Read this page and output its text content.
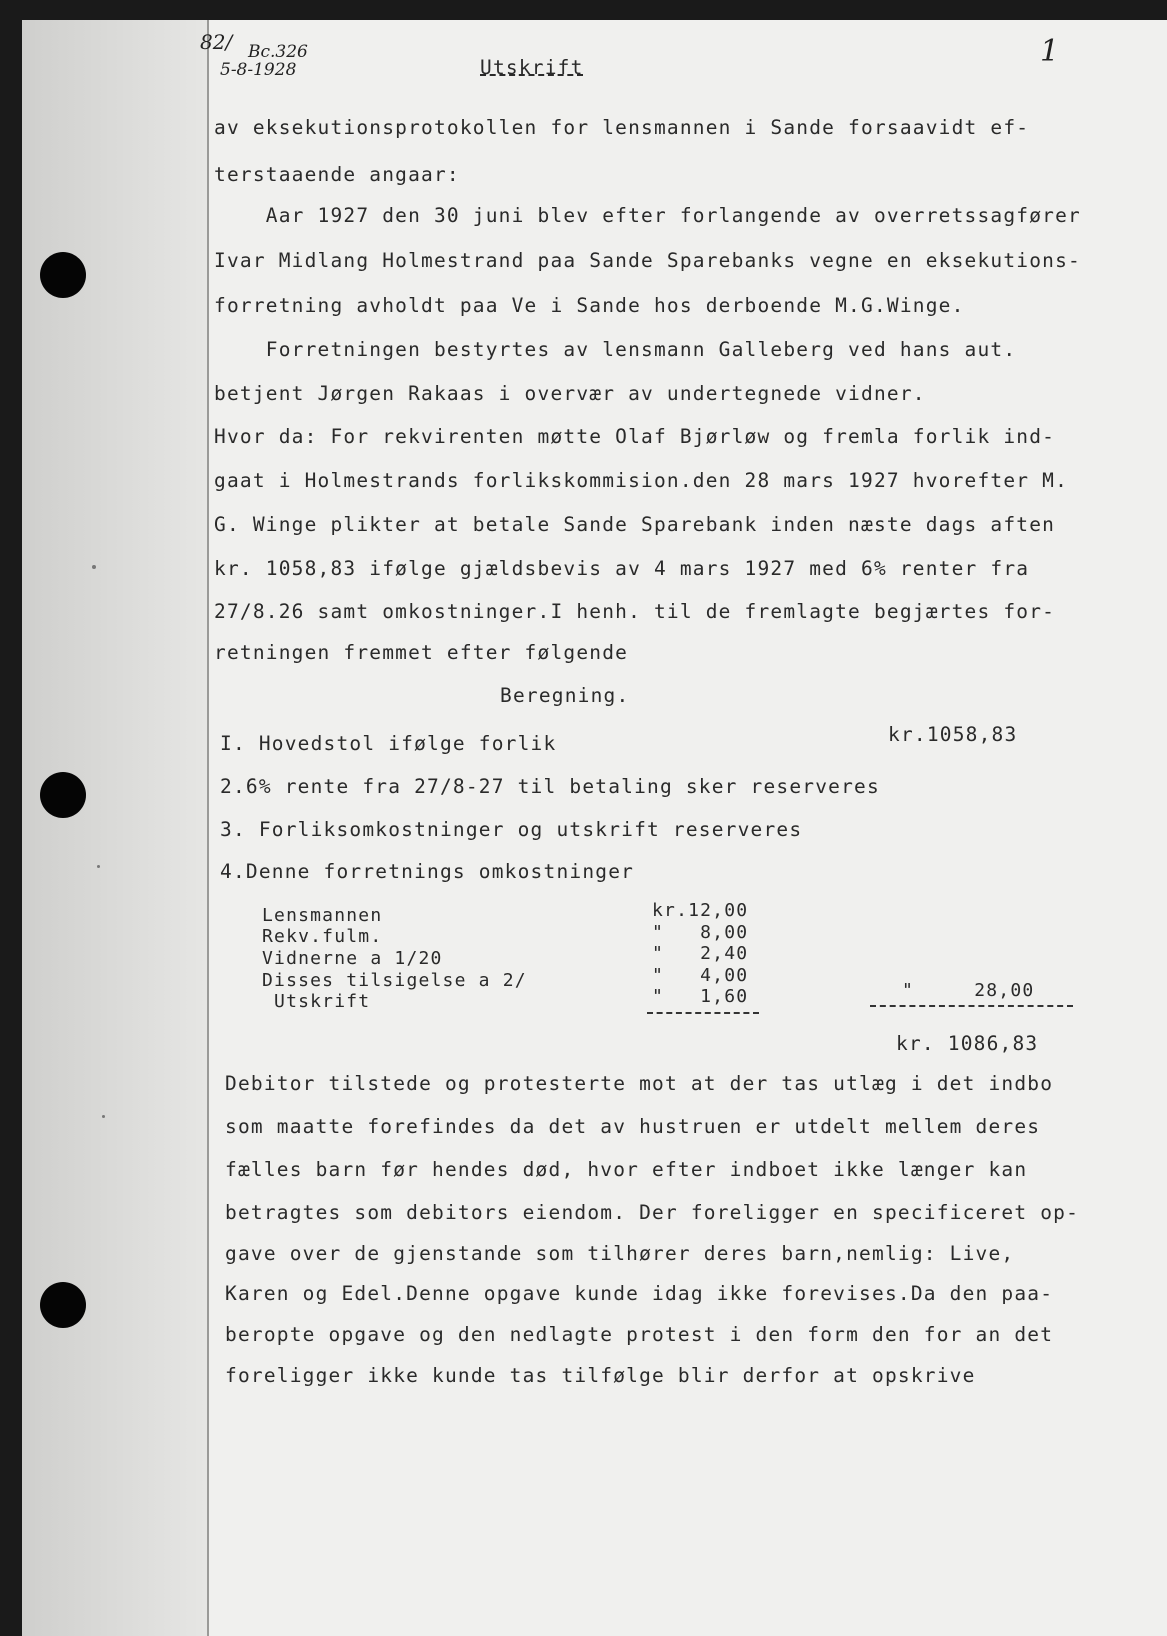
82/
5-8-1928
Bc.326	1
Utskrift
av eksekutionsprotokollen for lensmannen i Sande forsaavidt ef-
terstaaende angaar:
Aar 1927 den 30 juni blev efter forlangende av overretssagfører
Ivar Midlang Holmestrand paa Sande Sparebanks vegne en eksekutions-
forretning avholdt paa Ve i Sande hos derboende M.G.Winge.
Forretningen bestyrtes av lensmann Galleberg ved hans aut.
betjent Jørgen Rakaas i overvær av undertegnede vidner.
Hvor da: For rekvirenten møtte Olaf Bjørløw og fremla forlik ind-
gaat i Holmestrands forlikskommision.den 28 mars 1927 hvorefter M.
G. Winge plikter at betale Sande Sparebank inden næste dags aften
kr. 1058,83 ifølge gjældsbevis av 4 mars 1927 med 6% renter fra
27/8.26 samt omkostninger.I henh. til de fremlagte begjærtes for-
retningen fremmet efter følgende
Beregning.
I. Hovedstol ifølge forlik	kr.1058,83
2.6% rente fra 27/8-27 til betaling sker reserveres
3. Forliksomkostninger og utskrift reserveres
4.Denne forretnings omkostninger
Lensmannen	kr.12,00
Rekv.fulm.	"   8,00
Vidnerne a 1/20	"   2,40
Disses tilsigelse a 2/	"   4,00
Utskrift	"   1,60	"     28,00
kr. 1086,83
Debitor tilstede og protesterte mot at der tas utlæg i det indbo
som maatte forefindes da det av hustruen er utdelt mellem deres
fælles barn før hendes død, hvor efter indboet ikke længer kan
betragtes som debitors eiendom. Der foreligger en specificeret op-
gave over de gjenstande som tilhører deres barn,nemlig: Live,
Karen og Edel.Denne opgave kunde idag ikke forevises.Da den paa-
beropte opgave og den nedlagte protest i den form den for an det
foreligger ikke kunde tas tilfølge blir derfor at opskrive
